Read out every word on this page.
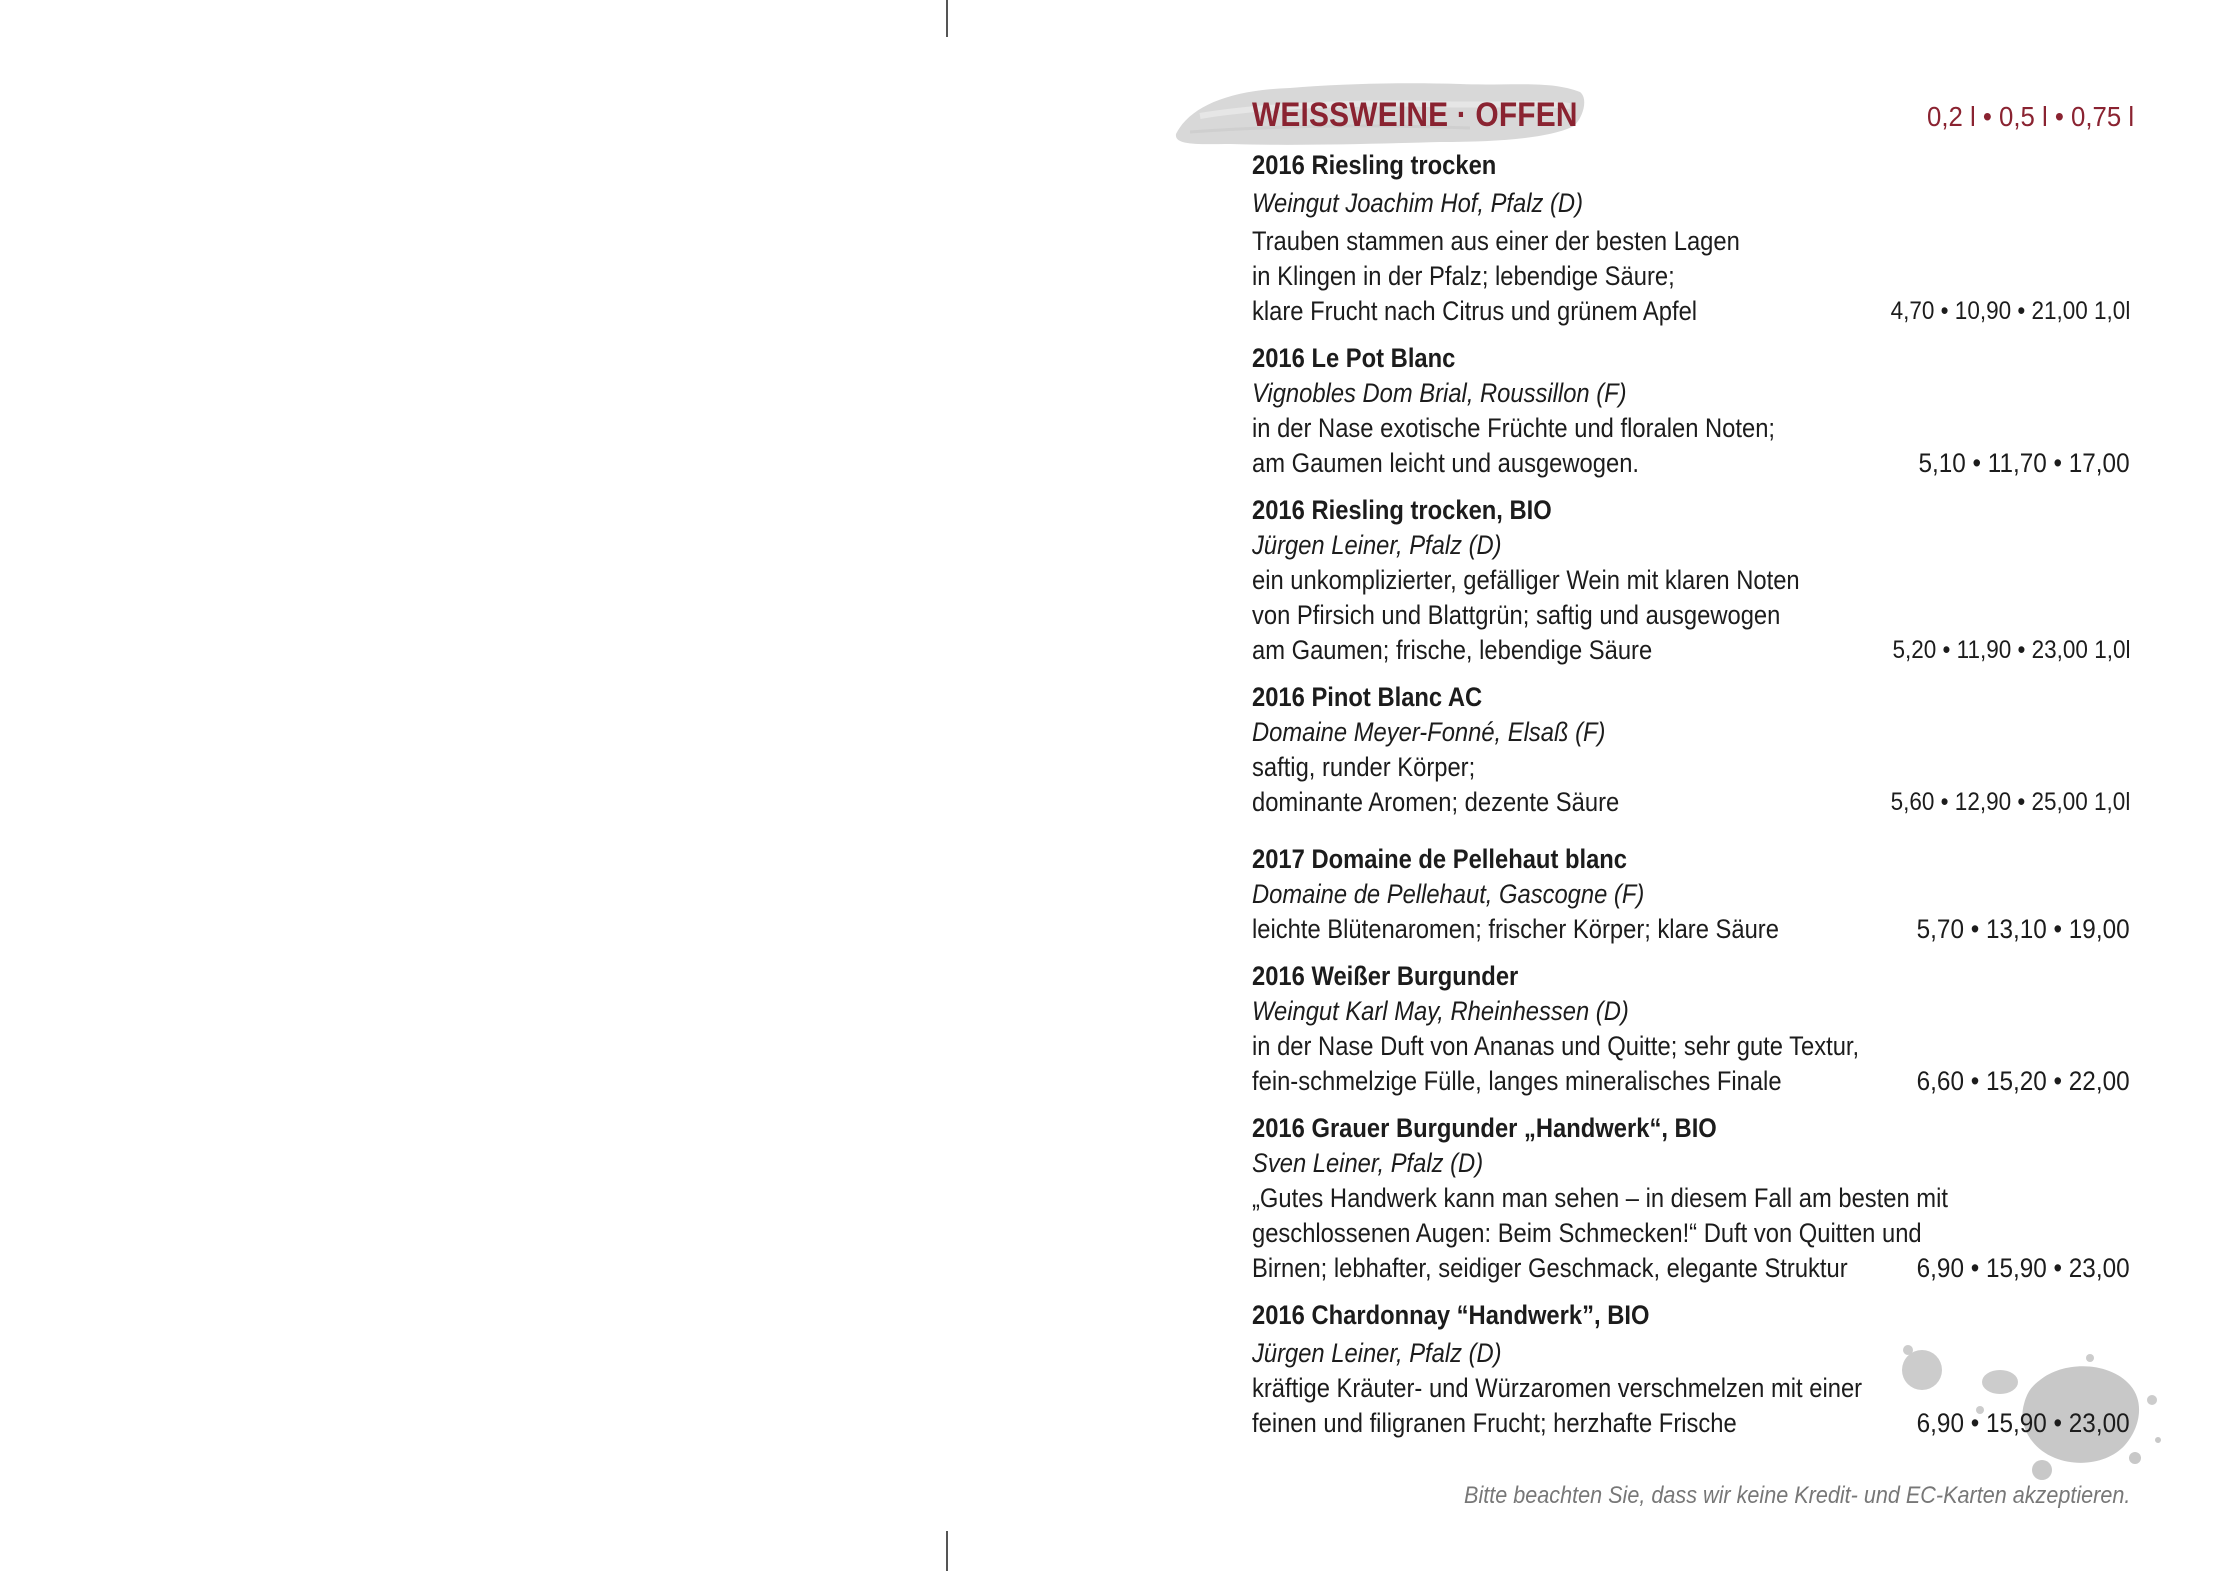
WEISSWEINE · OFFEN	0,2 l • 0,5 l • 0,75 l
2016 Riesling trocken
Weingut Joachim Hof, Pfalz (D)
Trauben stammen aus einer der besten Lagen
in Klingen in der Pfalz; lebendige Säure;
klare Frucht nach Citrus und grünem Apfel	4,70 • 10,90 • 21,00 1,0l
2016 Le Pot Blanc
Vignobles Dom Brial, Roussillon (F)
in der Nase exotische Früchte und floralen Noten;
am Gaumen leicht und ausgewogen.	5,10 • 11,70 • 17,00
2016 Riesling trocken, BIO
Jürgen Leiner, Pfalz (D)
ein unkomplizierter, gefälliger Wein mit klaren Noten
von Pfirsich und Blattgrün; saftig und ausgewogen
am Gaumen; frische, lebendige Säure	5,20 • 11,90 • 23,00 1,0l
2016 Pinot Blanc AC
Domaine Meyer-Fonné, Elsaß (F)
saftig, runder Körper;
dominante Aromen; dezente Säure	5,60 • 12,90 • 25,00 1,0l
2017 Domaine de Pellehaut blanc
Domaine de Pellehaut, Gascogne (F)
leichte Blütenaromen; frischer Körper; klare Säure	5,70 • 13,10 • 19,00
2016 Weißer Burgunder
Weingut Karl May, Rheinhessen (D)
in der Nase Duft von Ananas und Quitte; sehr gute Textur,
fein-schmelzige Fülle, langes mineralisches Finale	6,60 • 15,20 • 22,00
2016 Grauer Burgunder „Handwerk“, BIO
Sven Leiner, Pfalz (D)
„Gutes Handwerk kann man sehen – in diesem Fall am besten mit
geschlossenen Augen: Beim Schmecken!“ Duft von Quitten und
Birnen; lebhafter, seidiger Geschmack, elegante Struktur	6,90 • 15,90 • 23,00
2016 Chardonnay “Handwerk”, BIO
Jürgen Leiner, Pfalz (D)
kräftige Kräuter- und Würzaromen verschmelzen mit einer
feinen und filigranen Frucht; herzhafte Frische	6,90 • 15,90 • 23,00
Bitte beachten Sie, dass wir keine Kredit- und EC-Karten akzeptieren.
